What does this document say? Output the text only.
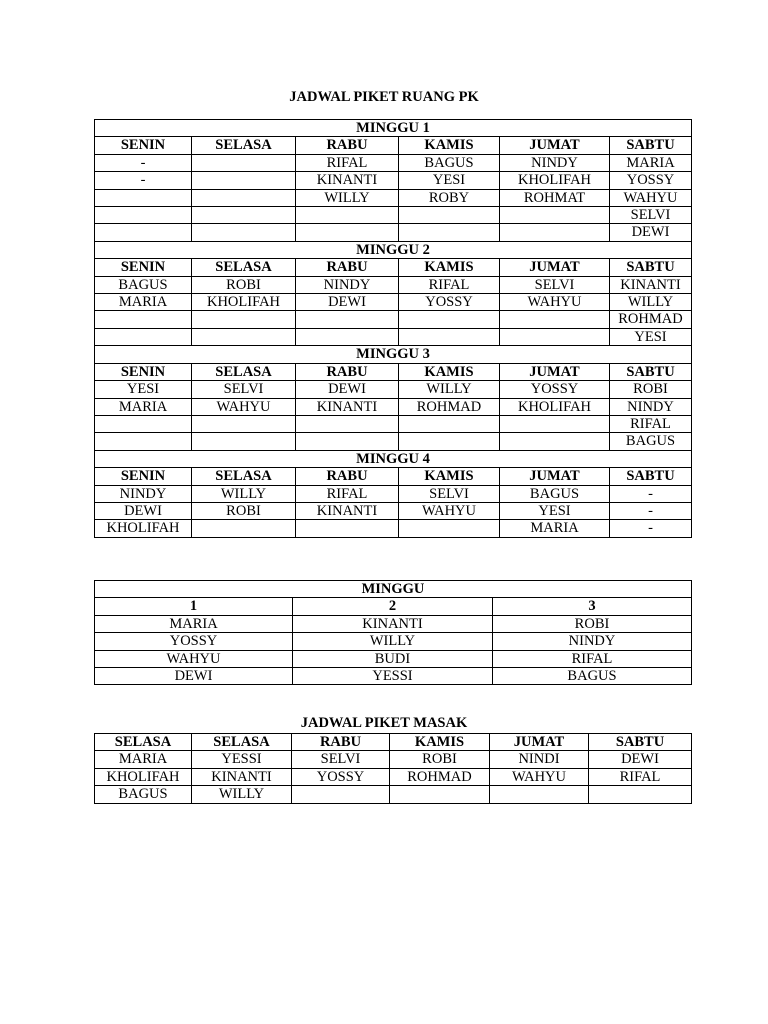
JADWAL PIKET RUANG PK
MINGGU 1					
SENIN	SELASA	RABU	KAMIS	JUMAT	SABTU
-		RIFAL	BAGUS	NINDY	MARIA
-		KINANTI	YESI	KHOLIFAH	YOSSY
		WILLY	ROBY	ROHMAT	WAHYU
					SELVI
					DEWI
MINGGU 2					
SENIN	SELASA	RABU	KAMIS	JUMAT	SABTU
BAGUS	ROBI	NINDY	RIFAL	SELVI	KINANTI
MARIA	KHOLIFAH	DEWI	YOSSY	WAHYU	WILLY
					ROHMAD
					YESI
MINGGU 3					
SENIN	SELASA	RABU	KAMIS	JUMAT	SABTU
YESI	SELVI	DEWI	WILLY	YOSSY	ROBI
MARIA	WAHYU	KINANTI	ROHMAD	KHOLIFAH	NINDY
					RIFAL
					BAGUS
MINGGU 4					
SENIN	SELASA	RABU	KAMIS	JUMAT	SABTU
NINDY	WILLY	RIFAL	SELVI	BAGUS	-
DEWI	ROBI	KINANTI	WAHYU	YESI	-
KHOLIFAH				MARIA	-
MINGGU		
1	2	3
MARIA	KINANTI	ROBI
YOSSY	WILLY	NINDY
WAHYU	BUDI	RIFAL
DEWI	YESSI	BAGUS
JADWAL PIKET MASAK
SELASA	SELASA	RABU	KAMIS	JUMAT	SABTU
MARIA	YESSI	SELVI	ROBI	NINDI	DEWI
KHOLIFAH	KINANTI	YOSSY	ROHMAD	WAHYU	RIFAL
BAGUS	WILLY				
